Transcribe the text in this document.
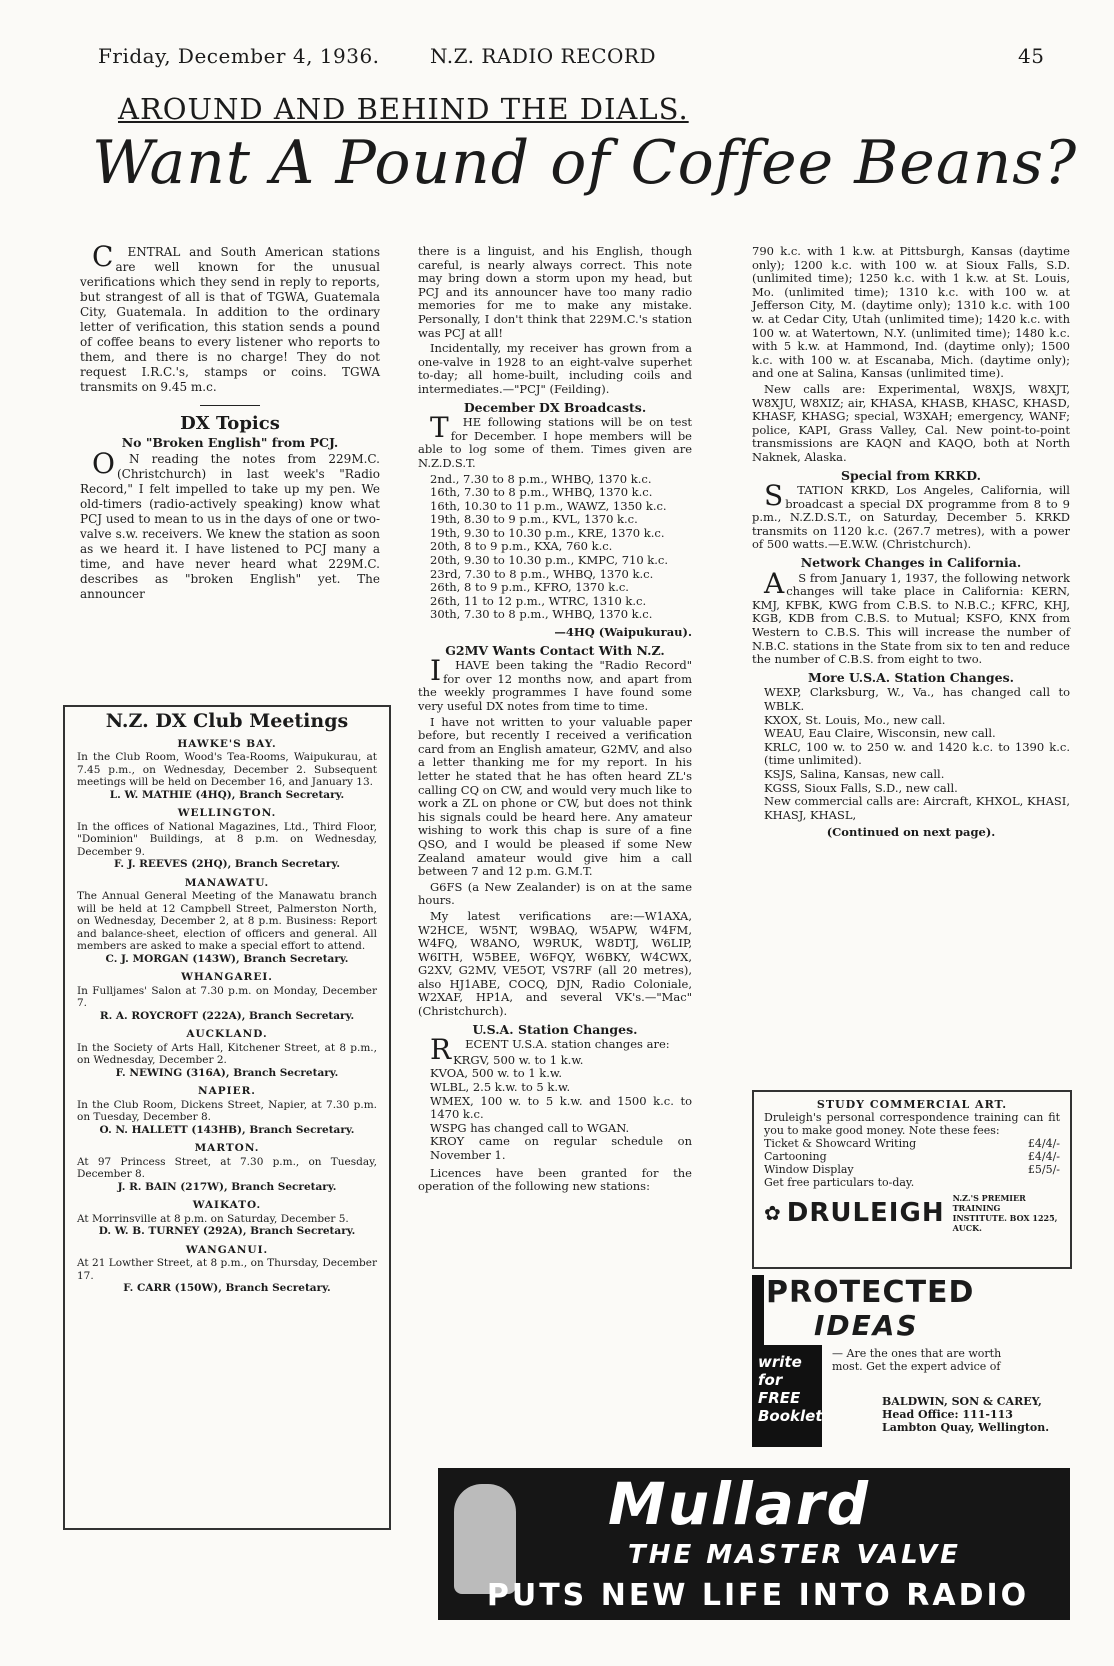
Friday, December 4, 1936.	N.Z. RADIO RECORD	45
AROUND AND BEHIND THE DIALS.
Want A Pound of Coffee Beans?

CENTRAL and South American stations are well known for the unusual verifications which they send in reply to reports, but strangest of all is that of TGWA, Guatemala City, Guatemala. In addition to the ordinary letter of verification, this station sends a pound of coffee beans to every listener who reports to them, and there is no charge! They do not request I.R.C.'s, stamps or coins. TGWA transmits on 9.45 m.c.

DX Topics
No "Broken English" from PCJ.

ON reading the notes from 229M.C. (Christchurch) in last week's "Radio Record," I felt impelled to take up my pen. We old-timers (radio-actively speaking) know what PCJ used to mean to us in the days of one or two-valve s.w. receivers. We knew the station as soon as we heard it. I have listened to PCJ many a time, and have never heard what 229M.C. describes as "broken English" yet. The announcer

N.Z. DX Club Meetings
HAWKE'S BAY.
In the Club Room, Wood's Tea-Rooms, Waipukurau, at 7.45 p.m., on Wednesday, December 2. Subsequent meetings will be held on December 16, and January 13.
L. W. MATHIE (4HQ), Branch Secretary.
WELLINGTON.
In the offices of National Magazines, Ltd., Third Floor, "Dominion" Buildings, at 8 p.m. on Wednesday, December 9.
F. J. REEVES (2HQ), Branch Secretary.
MANAWATU.
The Annual General Meeting of the Manawatu branch will be held at 12 Campbell Street, Palmerston North, on Wednesday, December 2, at 8 p.m. Business: Report and balance-sheet, election of officers and general. All members are asked to make a special effort to attend.
C. J. MORGAN (143W), Branch Secretary.
WHANGAREI.
In Fulljames' Salon at 7.30 p.m. on Monday, December 7.
R. A. ROYCROFT (222A), Branch Secretary.
AUCKLAND.
In the Society of Arts Hall, Kitchener Street, at 8 p.m., on Wednesday, December 2.
F. NEWING (316A), Branch Secretary.
NAPIER.
In the Club Room, Dickens Street, Napier, at 7.30 p.m. on Tuesday, December 8.
O. N. HALLETT (143HB), Branch Secretary.
MARTON.
At 97 Princess Street, at 7.30 p.m., on Tuesday, December 8.
J. R. BAIN (217W), Branch Secretary.
WAIKATO.
At Morrinsville at 8 p.m. on Saturday, December 5.
D. W. B. TURNEY (292A), Branch Secretary.
WANGANUI.
At 21 Lowther Street, at 8 p.m., on Thursday, December 17.
F. CARR (150W), Branch Secretary.

there is a linguist, and his English, though careful, is nearly always correct. This note may bring down a storm upon my head, but PCJ and its announcer have too many radio memories for me to make any mistake. Personally, I don't think that 229M.C.'s station was PCJ at all!

Incidentally, my receiver has grown from a one-valve in 1928 to an eight-valve superhet to-day; all home-built, including coils and intermediates.—"PCJ" (Feilding).

December DX Broadcasts.

THE following stations will be on test for December. I hope members will be able to log some of them. Times given are N.Z.D.S.T.

2nd., 7.30 to 8 p.m., WHBQ, 1370 k.c.
16th, 7.30 to 8 p.m., WHBQ, 1370 k.c.
16th, 10.30 to 11 p.m., WAWZ, 1350 k.c.
19th, 8.30 to 9 p.m., KVL, 1370 k.c.
19th, 9.30 to 10.30 p.m., KRE, 1370 k.c.
20th, 8 to 9 p.m., KXA, 760 k.c.
20th, 9.30 to 10.30 p.m., KMPC, 710 k.c.
23rd, 7.30 to 8 p.m., WHBQ, 1370 k.c.
26th, 8 to 9 p.m., KFRO, 1370 k.c.
26th, 11 to 12 p.m., WTRC, 1310 k.c.
30th, 7.30 to 8 p.m., WHBQ, 1370 k.c.
—4HQ (Waipukurau).
G2MV Wants Contact With N.Z.

IHAVE been taking the "Radio Record" for over 12 months now, and apart from the weekly programmes I have found some very useful DX notes from time to time.

I have not written to your valuable paper before, but recently I received a verification card from an English amateur, G2MV, and also a letter thanking me for my report. In his letter he stated that he has often heard ZL's calling CQ on CW, and would very much like to work a ZL on phone or CW, but does not think his signals could be heard here. Any amateur wishing to work this chap is sure of a fine QSO, and I would be pleased if some New Zealand amateur would give him a call between 7 and 12 p.m. G.M.T.

G6FS (a New Zealander) is on at the same hours.

My latest verifications are:—W1AXA, W2HCE, W5NT, W9BAQ, W5APW, W4FM, W4FQ, W8ANO, W9RUK, W8DTJ, W6LIP, W6ITH, W5BEE, W6FQY, W6BKY, W4CWX, G2XV, G2MV, VE5OT, VS7RF (all 20 metres), also HJ1ABE, COCQ, DJN, Radio Coloniale, W2XAF, HP1A, and several VK's.—"Mac" (Christchurch).

U.S.A. Station Changes.

RECENT U.S.A. station changes are:

KRGV, 500 w. to 1 k.w.
KVOA, 500 w. to 1 k.w.
WLBL, 2.5 k.w. to 5 k.w.
WMEX, 100 w. to 5 k.w. and 1500 k.c. to 1470 k.c.
WSPG has changed call to WGAN.
KROY came on regular schedule on November 1.

Licences have been granted for the operation of the following new stations:

790 k.c. with 1 k.w. at Pittsburgh, Kansas (daytime only); 1200 k.c. with 100 w. at Sioux Falls, S.D. (unlimited time); 1250 k.c. with 1 k.w. at St. Louis, Mo. (unlimited time); 1310 k.c. with 100 w. at Jefferson City, M. (daytime only); 1310 k.c. with 100 w. at Cedar City, Utah (unlimited time); 1420 k.c. with 100 w. at Watertown, N.Y. (unlimited time); 1480 k.c. with 5 k.w. at Hammond, Ind. (daytime only); 1500 k.c. with 100 w. at Escanaba, Mich. (daytime only); and one at Salina, Kansas (unlimited time).

New calls are: Experimental, W8XJS, W8XJT, W8XJU, W8XIZ; air, KHASA, KHASB, KHASC, KHASD, KHASF, KHASG; special, W3XAH; emergency, WANF; police, KAPI, Grass Valley, Cal. New point-to-point transmissions are KAQN and KAQO, both at North Naknek, Alaska.

Special from KRKD.

STATION KRKD, Los Angeles, California, will broadcast a special DX programme from 8 to 9 p.m., N.Z.D.S.T., on Saturday, December 5. KRKD transmits on 1120 k.c. (267.7 metres), with a power of 500 watts.—E.W.W. (Christchurch).

Network Changes in California.

AS from January 1, 1937, the following network changes will take place in California: KERN, KMJ, KFBK, KWG from C.B.S. to N.B.C.; KFRC, KHJ, KGB, KDB from C.B.S. to Mutual; KSFO, KNX from Western to C.B.S. This will increase the number of N.B.C. stations in the State from six to ten and reduce the number of C.B.S. from eight to two.

More U.S.A. Station Changes.
WEXP, Clarksburg, W., Va., has changed call to WBLK.
KXOX, St. Louis, Mo., new call.
WEAU, Eau Claire, Wisconsin, new call.
KRLC, 100 w. to 250 w. and 1420 k.c. to 1390 k.c. (time unlimited).
KSJS, Salina, Kansas, new call.
KGSS, Sioux Falls, S.D., new call.
New commercial calls are: Aircraft, KHXOL, KHASI, KHASJ, KHASL,
(Continued on next page).
STUDY COMMERCIAL ART.
Druleigh's personal correspondence training can fit you to make good money. Note these fees:
Ticket & Showcard Writing	£4/4/-
Cartooning	£4/4/-
Window Display	£5/5/-
Get free particulars to-day.
✿ DRULEIGH N.Z.'S PREMIER TRAINING
INSTITUTE. BOX 1225, AUCK.
PROTECTED
IDEAS
write for FREE Booklet
— Are the ones that are worth most. Get the expert advice of
BALDWIN, SON & CAREY,
Head Office: 111-113 Lambton Quay, Wellington.
Mullard
THE MASTER VALVE
PUTS NEW LIFE INTO RADIO
